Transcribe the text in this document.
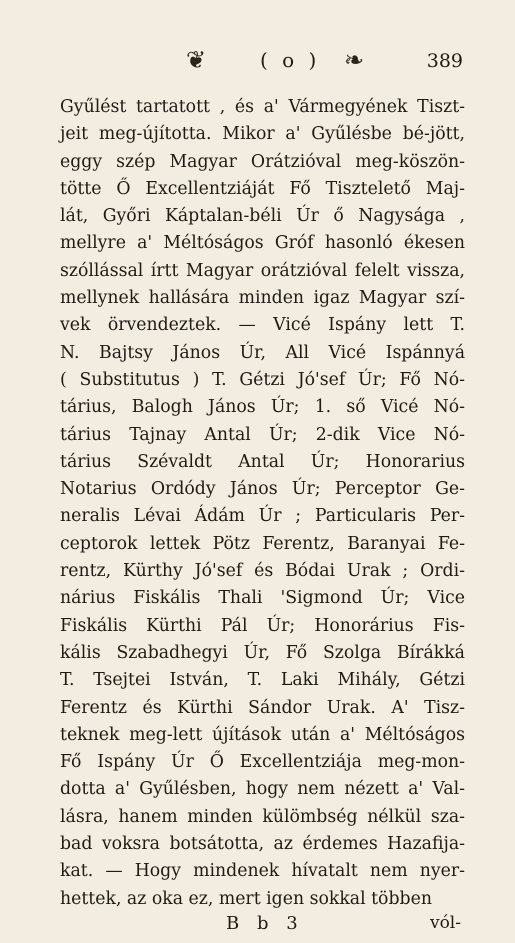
❦	( o ) ❧	389
Gyűlést tartatott , és a' Vármegyének Tiszt-
jeit meg-újította. Mikor a' Gyűlésbe bé-jött,
eggy szép Magyar Orátzióval meg-köszön-
tötte Ő Excellentziáját Fő Tisztelető Maj-
lát, Győri Káptalan-béli Úr ő Nagysága ,
mellyre a' Méltóságos Gróf hasonló ékesen
szóllással írtt Magyar orátzióval felelt vissza,
mellynek hallására minden igaz Magyar szí-
vek örvendeztek. — Vicé Ispány lett T.
N. Bajtsy János Úr, All Vicé Ispánnyá
( Substitutus ) T. Gétzi Jó'sef Úr; Fő Nó-
tárius, Balogh János Úr; 1. ső Vicé Nó-
tárius Tajnay Antal Úr; 2-dik Vice Nó-
tárius Szévaldt Antal Úr; Honorarius
Notarius Ordódy János Úr; Perceptor Ge-
neralis Lévai Ádám Úr ; Particularis Per-
ceptorok lettek Pötz Ferentz, Baranyai Fe-
rentz, Kürthy Jó'sef és Bódai Urak ; Ordi-
nárius Fiskális Thali 'Sigmond Úr; Vice
Fiskális Kürthi Pál Úr; Honorárius Fis-
kális Szabadhegyi Úr, Fő Szolga Bírákká
T. Tsejtei István, T. Laki Mihály, Gétzi
Ferentz és Kürthi Sándor Urak. A' Tisz-
teknek meg-lett újítások után a' Méltóságos
Fő Ispány Úr Ő Excellentziája meg-mon-
dotta a' Gyűlésben, hogy nem nézett a' Val-
lásra, hanem minden külömbség nélkül sza-
bad voksra botsátotta, az érdemes Hazafija-
kat. — Hogy mindenek hívatalt nem nyer-
hettek, az oka ez, mert igen sokkal többen
B b 3	vól-
